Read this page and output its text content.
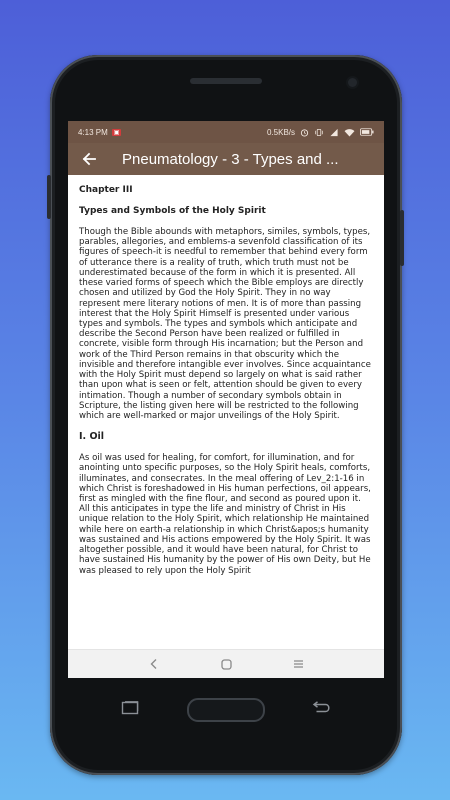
4:13 PM	▣	0.5KB/s
Pneumatology - 3 - Types and ...
Chapter III
Types and Symbols of the Holy Spirit

Though the Bible abounds with metaphors, similes, symbols, types, parables, allegories, and emblems-a sevenfold classification of its figures of speech-it is needful to remember that behind every form of utterance there is a reality of truth, which truth must not be underestimated because of the form in which it is presented. All these varied forms of speech which the Bible employs are directly chosen and utilized by God the Holy Spirit. They in no way represent mere literary notions of men. It is of more than passing interest that the Holy Spirit Himself is presented under various types and symbols. The types and symbols which anticipate and describe the Second Person have been realized or fulfilled in concrete, visible form through His incarnation; but the Person and work of the Third Person remains in that obscurity which the invisible and therefore intangible ever involves. Since acquaintance with the Holy Spirit must depend so largely on what is said rather than upon what is seen or felt, attention should be given to every intimation. Though a number of secondary symbols obtain in Scripture, the listing given here will be restricted to the following which are well-marked or major unveilings of the Holy Spirit.

I. Oil

As oil was used for healing, for comfort, for illumination, and for anointing unto specific purposes, so the Holy Spirit heals, comforts, illuminates, and consecrates. In the meal offering of Lev_2:1-16 in which Christ is foreshadowed in His human perfections, oil appears, first as mingled with the fine flour, and second as poured upon it. All this anticipates in type the life and ministry of Christ in His unique relation to the Holy Spirit, which relationship He maintained while here on earth-a relationship in which Christ&apos;s humanity was sustained and His actions empowered by the Holy Spirit. It was altogether possible, and it would have been natural, for Christ to have sustained His humanity by the power of His own Deity, but He was pleased to rely upon the Holy Spirit
